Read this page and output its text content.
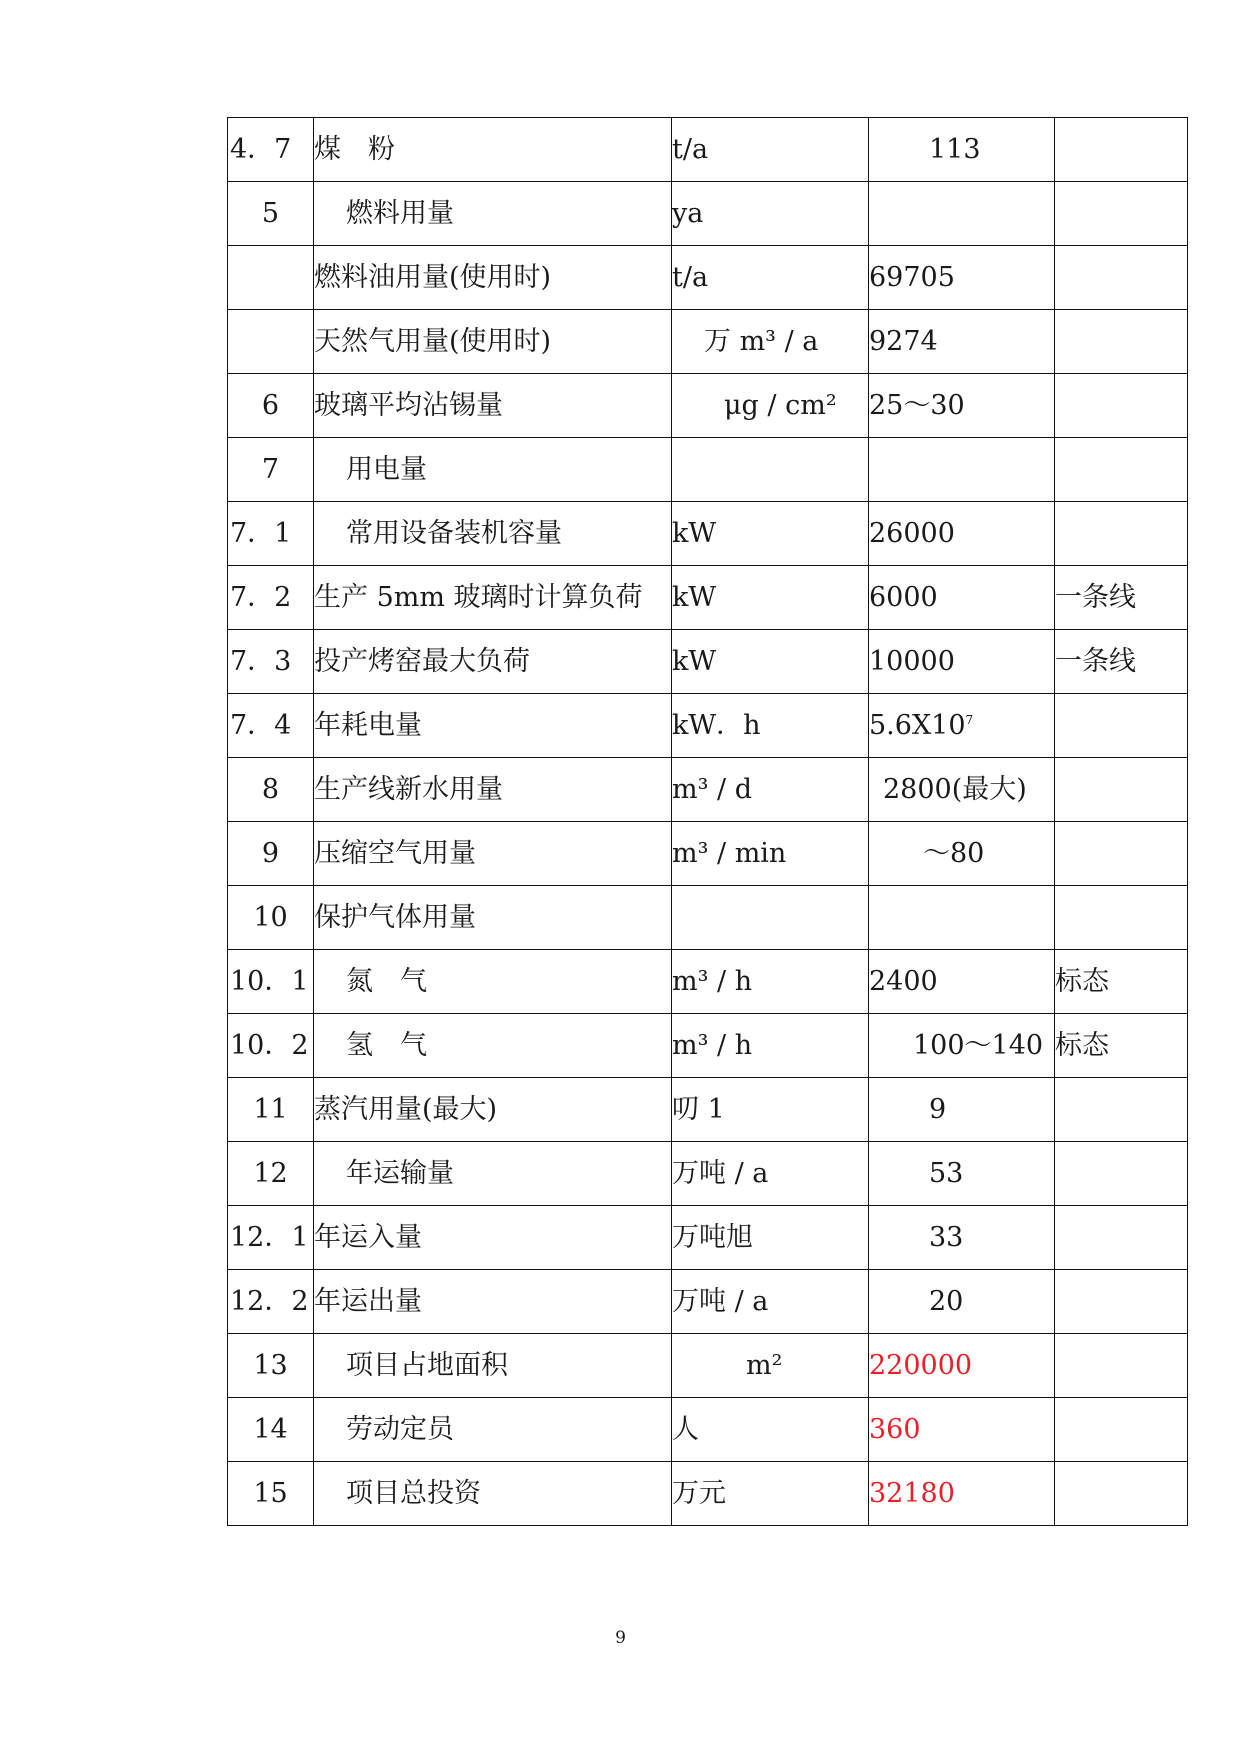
4．7	煤　粉	t/a	113	
5	燃料用量	ya		
	燃料油用量(使用时)	t/a	69705	
	天然气用量(使用时)	万 m³ / a	9274	
6	玻璃平均沾锡量	μg / cm²	25～30	
7	用电量			
7．1	常用设备装机容量	kW	26000	
7．2	生产 5mm 玻璃时计算负荷	kW	6000	一条线
7．3	投产烤窑最大负荷	kW	10000	一条线
7．4	年耗电量	kW．h	$5.6X10^7$	
8	生产线新水用量	m³ / d	2800(最大)	
9	压缩空气用量	m³ / min	～80	
10	保护气体用量			
10．1	氮　气	m³ / h	2400	标态
10．2	氢　气	m³ / h	100～140	标态
11	蒸汽用量(最大)	叨 1	9	
12	年运输量	万吨 / a	53	
12．1	年运入量	万吨旭	33	
12．2	年运出量	万吨 / a	20	
13	项目占地面积	m²	220000	
14	劳动定员	人	360	
15	项目总投资	万元	32180	
9
